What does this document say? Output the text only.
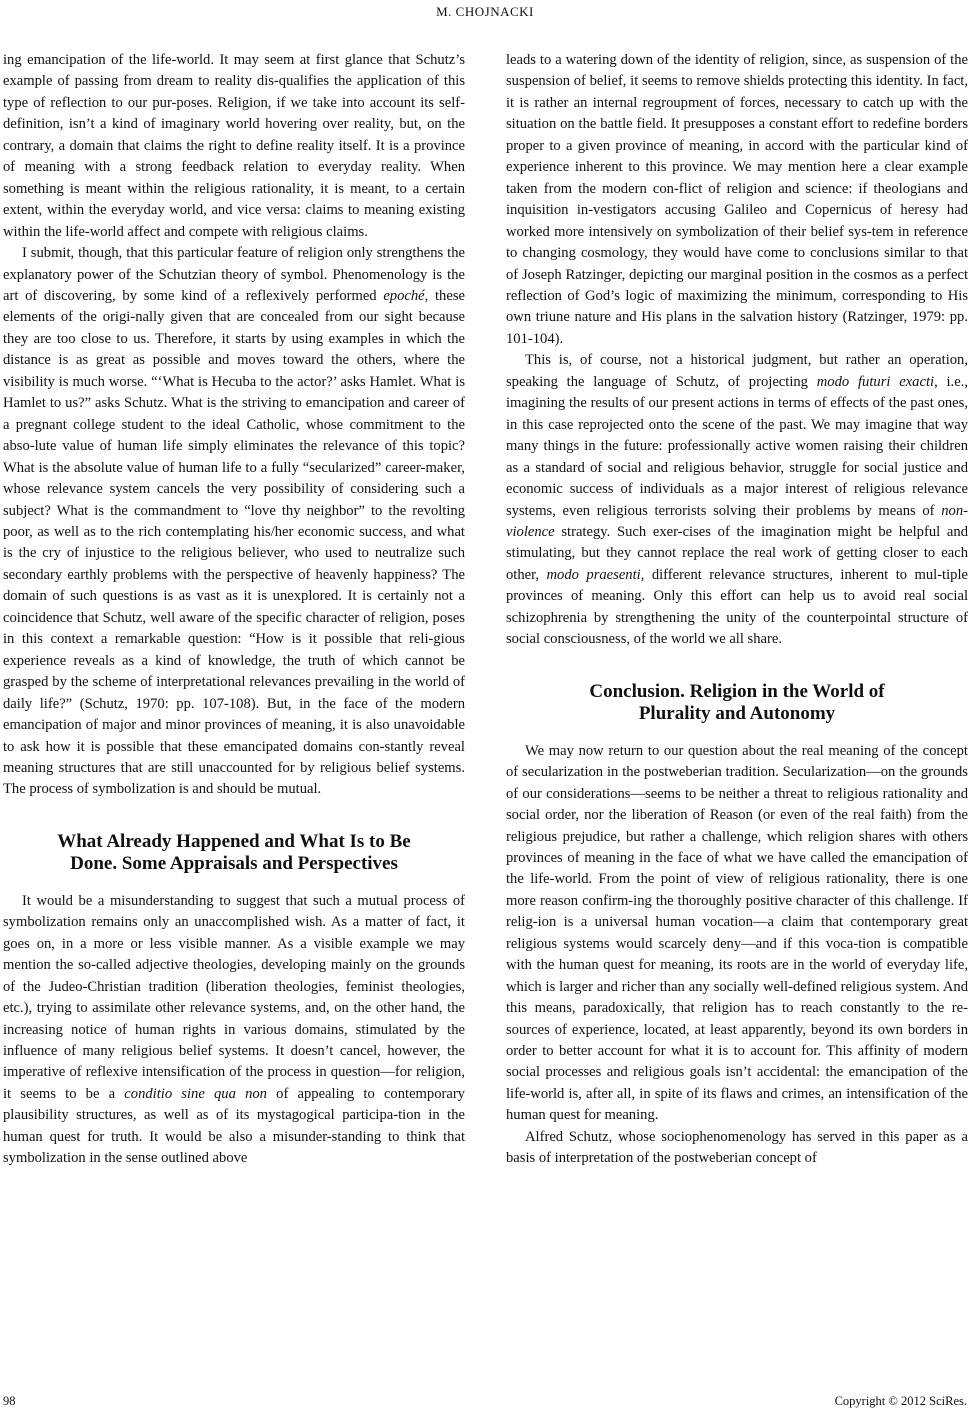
M. CHOJNACKI

ing emancipation of the life-world. It may seem at first glance that Schutz’s example of passing from dream to reality dis-qualifies the application of this type of reflection to our pur-poses. Religion, if we take into account its self-definition, isn’t a kind of imaginary world hovering over reality, but, on the contrary, a domain that claims the right to define reality itself. It is a province of meaning with a strong feedback relation to everyday reality. When something is meant within the religious rationality, it is meant, to a certain extent, within the everyday world, and vice versa: claims to meaning existing within the life-world affect and compete with religious claims.

I submit, though, that this particular feature of religion only strengthens the explanatory power of the Schutzian theory of symbol. Phenomenology is the art of discovering, by some kind of a reflexively performed epoché, these elements of the origi-nally given that are concealed from our sight because they are too close to us. Therefore, it starts by using examples in which the distance is as great as possible and moves toward the others, where the visibility is much worse. “‘What is Hecuba to the actor?’ asks Hamlet. What is Hamlet to us?” asks Schutz. What is the striving to emancipation and career of a pregnant college student to the ideal Catholic, whose commitment to the abso-lute value of human life simply eliminates the relevance of this topic? What is the absolute value of human life to a fully “secularized” career-maker, whose relevance system cancels the very possibility of considering such a subject? What is the commandment to “love thy neighbor” to the revolting poor, as well as to the rich contemplating his/her economic success, and what is the cry of injustice to the religious believer, who used to neutralize such secondary earthly problems with the perspective of heavenly happiness? The domain of such questions is as vast as it is unexplored. It is certainly not a coincidence that Schutz, well aware of the specific character of religion, poses in this context a remarkable question: “How is it possible that reli-gious experience reveals as a kind of knowledge, the truth of which cannot be grasped by the scheme of interpretational relevances prevailing in the world of daily life?” (Schutz, 1970: pp. 107-108). But, in the face of the modern emancipation of major and minor provinces of meaning, it is also unavoidable to ask how it is possible that these emancipated domains con-stantly reveal meaning structures that are still unaccounted for by religious belief systems. The process of symbolization is and should be mutual.

What Already Happened and What Is to Be
Done. Some Appraisals and Perspectives

It would be a misunderstanding to suggest that such a mutual process of symbolization remains only an unaccomplished wish. As a matter of fact, it goes on, in a more or less visible manner. As a visible example we may mention the so-called adjective theologies, developing mainly on the grounds of the Judeo-Christian tradition (liberation theologies, feminist theologies, etc.), trying to assimilate other relevance systems, and, on the other hand, the increasing notice of human rights in various domains, stimulated by the influence of many religious belief systems. It doesn’t cancel, however, the imperative of reflexive intensification of the process in question—for religion, it seems to be a conditio sine qua non of appealing to contemporary plausibility structures, as well as of its mystagogical participa-tion in the human quest for truth. It would be also a misunder-standing to think that symbolization in the sense outlined above

leads to a watering down of the identity of religion, since, as suspension of the suspension of belief, it seems to remove shields protecting this identity. In fact, it is rather an internal regroupment of forces, necessary to catch up with the situation on the battle field. It presupposes a constant effort to redefine borders proper to a given province of meaning, in accord with the particular kind of experience inherent to this province. We may mention here a clear example taken from the modern con-flict of religion and science: if theologians and inquisition in-vestigators accusing Galileo and Copernicus of heresy had worked more intensively on symbolization of their belief sys-tem in reference to changing cosmology, they would have come to conclusions similar to that of Joseph Ratzinger, depicting our marginal position in the cosmos as a perfect reflection of God’s logic of maximizing the minimum, corresponding to His own triune nature and His plans in the salvation history (Ratzinger, 1979: pp. 101-104).

This is, of course, not a historical judgment, but rather an operation, speaking the language of Schutz, of projecting modo futuri exacti, i.e., imagining the results of our present actions in terms of effects of the past ones, in this case reprojected onto the scene of the past. We may imagine that way many things in the future: professionally active women raising their children as a standard of social and religious behavior, struggle for social justice and economic success of individuals as a major interest of religious relevance systems, even religious terrorists solving their problems by means of non-violence strategy. Such exer-cises of the imagination might be helpful and stimulating, but they cannot replace the real work of getting closer to each other, modo praesenti, different relevance structures, inherent to mul-tiple provinces of meaning. Only this effort can help us to avoid real social schizophrenia by strengthening the unity of the counterpointal structure of social consciousness, of the world we all share.

Conclusion. Religion in the World of
Plurality and Autonomy

We may now return to our question about the real meaning of the concept of secularization in the postweberian tradition. Secularization—on the grounds of our considerations—seems to be neither a threat to religious rationality and social order, nor the liberation of Reason (or even of the real faith) from the religious prejudice, but rather a challenge, which religion shares with others provinces of meaning in the face of what we have called the emancipation of the life-world. From the point of view of religious rationality, there is one more reason confirm-ing the thoroughly positive character of this challenge. If relig-ion is a universal human vocation—a claim that contemporary great religious systems would scarcely deny—and if this voca-tion is compatible with the human quest for meaning, its roots are in the world of everyday life, which is larger and richer than any socially well-defined religious system. And this means, paradoxically, that religion has to reach constantly to the re-sources of experience, located, at least apparently, beyond its own borders in order to better account for what it is to account for. This affinity of modern social processes and religious goals isn’t accidental: the emancipation of the life-world is, after all, in spite of its flaws and crimes, an intensification of the human quest for meaning.

Alfred Schutz, whose sociophenomenology has served in this paper as a basis of interpretation of the postweberian concept of

98	Copyright © 2012 SciRes.
